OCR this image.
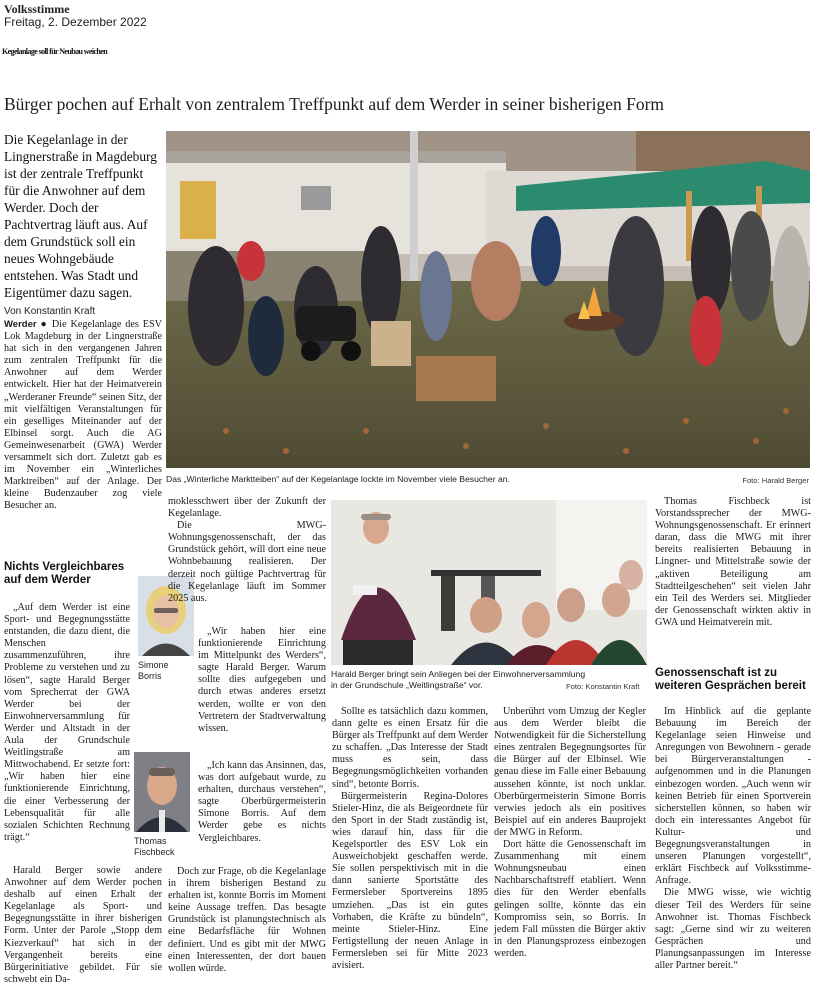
Volksstimme
Freitag, 2. Dezember 2022
Kegelanlage soll für Neubau weichen
Bürger pochen auf Erhalt von zentralem Treffpunkt auf dem Werder in seiner bisherigen Form
Die Kegelanlage in der Lingnerstraße in Magdeburg ist der zentrale Treffpunkt für die Anwohner auf dem Werder. Doch der Pachtvertrag läuft aus. Auf dem Grundstück soll ein neues Wohngebäude entstehen. Was Stadt und Eigentümer dazu sagen.
Von Konstantin Kraft
Das „Winterliche Marktteiben“ auf der Kegelanlage lockte im November viele Besucher an.	Foto: Harald Berger

Werder ● Die Kegelanlage des ESV Lok Magdeburg in der Lingnerstraße hat sich in den vergangenen Jahren zum zentralen Treffpunkt für die Anwohner auf dem Werder entwickelt. Hier hat der Heimatverein „Werderaner Freunde“ seinen Sitz, der mit vielfältigen Veranstaltungen für ein geselliges Miteinander auf der Elbinsel sorgt. Auch die AG Gemeinwesenarbeit (GWA) Werder versammelt sich dort. Zuletzt gab es im November ein „Winterliches Marktreiben“ auf der Anlage. Der kleine Budenzauber zog viele Besucher an.

Nichts Vergleichbares auf dem Werder

„Auf dem Werder ist eine Sport- und Begegnungsstätte entstanden, die dazu dient, die Menschen zusammenzuführen, ihre Probleme zu verstehen und zu lösen“, sagte Harald Berger vom Sprecherrat der GWA Werder bei der Einwohnerversammlung für Werder und Altstadt in der Aula der Grundschule Weitlingstraße am Mittwochabend. Er setzte fort: „Wir haben hier eine funktionierende Einrichtung, die einer Verbesserung der Lebensqualität für alle sozialen Schichten Rechnung trägt.“

Harald Berger sowie andere Anwohner auf dem Werder pochen deshalb auf einen Erhalt der Kegelanlage als Sport- und Begegnungsstätte in ihrer bisherigen Form. Unter der Parole „Stopp dem Kiezverkauf“ hat sich in der Vergangenheit bereits eine Bürgerinitiative gebildet. Für sie schwebt ein Da-

Simone
Borris
Thomas
Fischbeck

moklesschwert über der Zukunft der Kegelanlage.

Die MWG-Wohnungsgenossenschaft, der das Grundstück gehört, will dort eine neue Wohnbebauung realisieren. Der derzeit noch gültige Pachtvertrag für die Kegelanlage läuft im Sommer 2025 aus.

„Wir haben hier eine funktionierende Einrichtung im Mittelpunkt des Werders“, sagte Harald Berger. Warum sollte dies aufgegeben und durch etwas anderes ersetzt werden, wollte er von den Vertretern der Stadtverwaltung wissen.

„Ich kann das Ansinnen, das, was dort aufgebaut wurde, zu erhalten, durchaus verstehen“, sagte Oberbürgermeisterin Simone Borris. Auf dem Werder gebe es nichts Vergleichbares.

Doch zur Frage, ob die Kegelanlage in ihrem bisherigen Bestand zu erhalten ist, konnte Borris im Moment keine Aussage treffen. Das besagte Grundstück ist planungstechnisch als eine Bedarfsfläche für Wohnen definiert. Und es gibt mit der MWG einen Interessenten, der dort bauen wollen würde.

Harald Berger bringt sein Anliegen bei der Einwohnerversammlung
in der Grundschule „Weitlingstraße“ vor.	Foto: Konstantin Kraft

Sollte es tatsächlich dazu kommen, dann gelte es einen Ersatz für die Bürger als Treffpunkt auf dem Werder zu schaffen. „Das Interesse der Stadt muss es sein, dass Begegnungsmöglichkeiten vorhanden sind“, betonte Borris.

Bürgermeisterin Regina-Dolores Stieler-Hinz, die als Beigeordnete für den Sport in der Stadt zuständig ist, wies darauf hin, dass für die Kegelsportler des ESV Lok ein Ausweichobjekt geschaffen werde. Sie sollen perspektivisch mit in die dann sanierte Sportstätte des Fermersleber Sportvereins 1895 umziehen. „Das ist ein gutes Vorhaben, die Kräfte zu bündeln“, meinte Stieler-Hinz. Eine Fertigstellung der neuen Anlage in Fermersleben sei für Mitte 2023 avisiert.

Unberührt vom Umzug der Kegler aus dem Werder bleibt die Notwendigkeit für die Sicherstellung eines zentralen Begegnungsortes für die Bürger auf der Elbinsel. Wie genau diese im Falle einer Bebauung aussehen könnte, ist noch unklar. Oberbürgermeisterin Simone Borris verwies jedoch als ein positives Beispiel auf ein anderes Bauprojekt der MWG in Reform.

Dort hätte die Genossenschaft im Zusammenhang mit einem Wohnungsneubau einen Nachbarschaftstreff etabliert. Wenn dies für den Werder ebenfalls gelingen sollte, könnte das ein Kompromiss sein, so Borris. In jedem Fall müssten die Bürger aktiv in den Planungsprozess einbezogen werden.

Thomas Fischbeck ist Vorstandssprecher der MWG-Wohnungsgenossenschaft. Er erinnert daran, dass die MWG mit ihrer bereits realisierten Bebauung in Lingner- und Mittelstraße sowie der „aktiven Beteiligung am Stadtteilgeschehen“ seit vielen Jahr ein Teil des Werders sei. Mitglieder der Genossenschaft wirkten aktiv in GWA und Heimatverein mit.

Genossenschaft ist zu weiteren Gesprächen bereit

Im Hinblick auf die geplante Bebauung im Bereich der Kegelanlage seien Hinweise und Anregungen von Bewohnern - gerade bei Bürgerveranstaltungen - aufgenommen und in die Planungen einbezogen worden. „Auch wenn wir keinen Betrieb für einen Sportverein sicherstellen können, so haben wir doch ein interessantes Angebot für Kultur- und Begegnungsveranstaltungen in unseren Planungen vorgestellt“, erklärt Fischbeck auf Volksstimme-Anfrage.

Die MWG wisse, wie wichtig dieser Teil des Werders für seine Anwohner ist. Thomas Fischbeck sagt: „Gerne sind wir zu weiteren Gesprächen und Planungsanpassungen im Interesse aller Partner bereit.“
